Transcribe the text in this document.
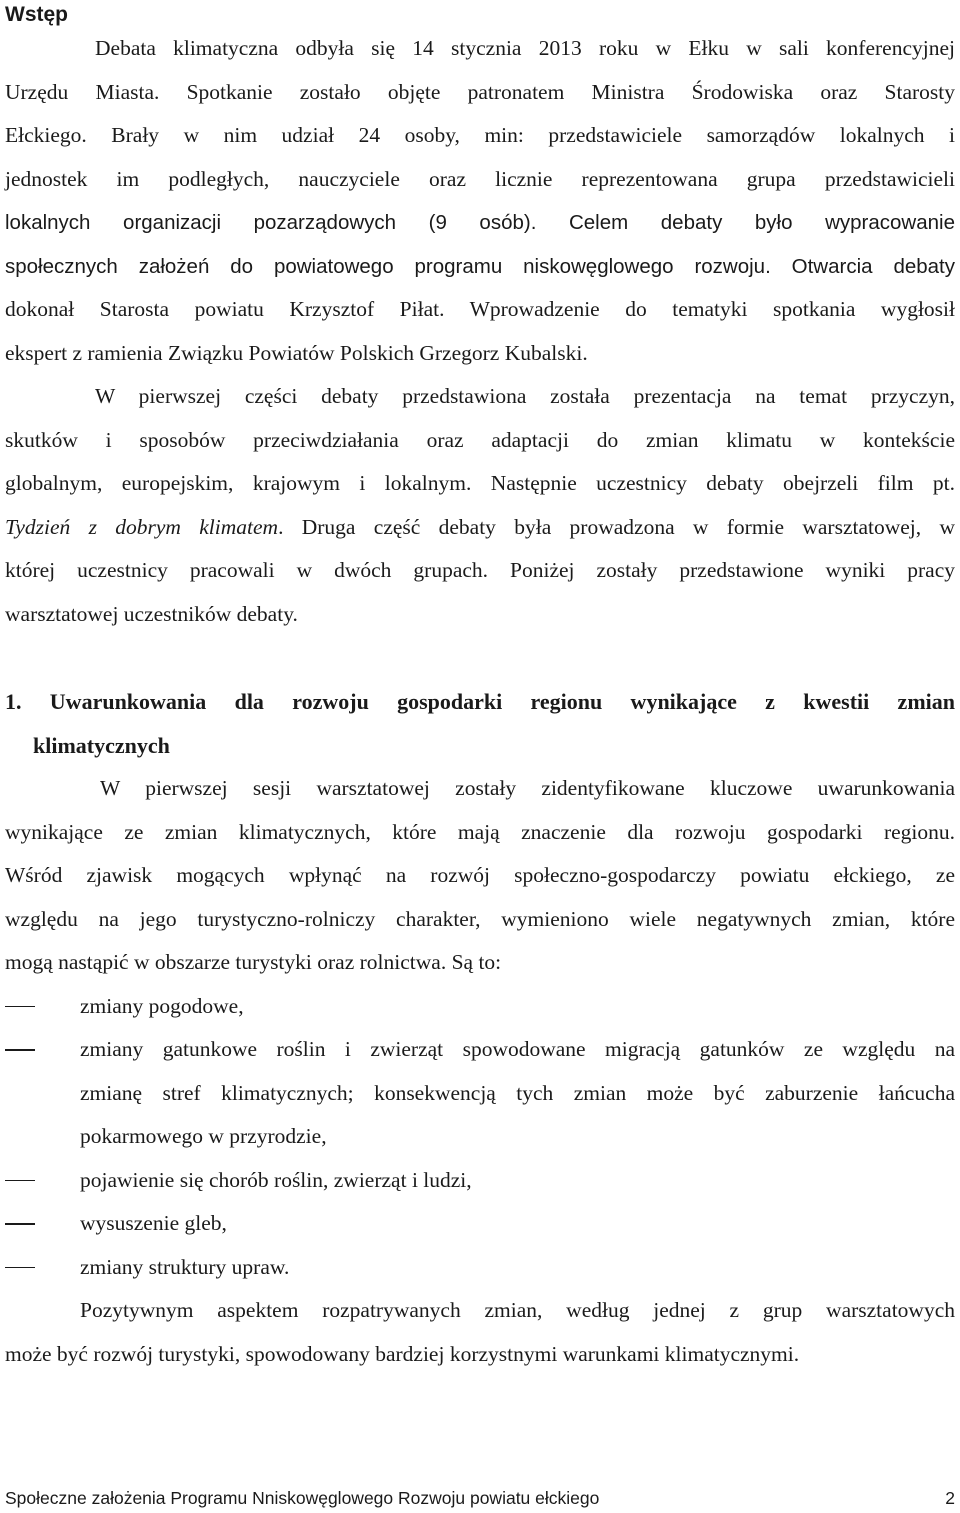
Wstęp
Debata klimatyczna odbyła się 14 stycznia 2013 roku w Ełku w sali konferencyjnej
Urzędu Miasta. Spotkanie zostało objęte patronatem Ministra Środowiska oraz Starosty
Ełckiego. Brały w nim udział 24 osoby, min: przedstawiciele samorządów lokalnych i
jednostek im podległych, nauczyciele oraz licznie reprezentowana grupa przedstawicieli
lokalnych organizacji pozarządowych (9 osób). Celem debaty było wypracowanie
społecznych założeń do powiatowego programu niskowęglowego rozwoju. Otwarcia debaty
dokonał Starosta powiatu Krzysztof Piłat. Wprowadzenie do tematyki spotkania wygłosił
ekspert z ramienia Związku Powiatów Polskich Grzegorz Kubalski.
W pierwszej części debaty przedstawiona została prezentacja na temat przyczyn,
skutków i sposobów przeciwdziałania oraz adaptacji do zmian klimatu w kontekście
globalnym, europejskim, krajowym i lokalnym. Następnie uczestnicy debaty obejrzeli film pt.
Tydzień z dobrym klimatem. Druga część debaty była prowadzona w formie warsztatowej, w
której uczestnicy pracowali w dwóch grupach. Poniżej zostały przedstawione wyniki pracy
warsztatowej uczestników debaty.
1. Uwarunkowania dla rozwoju gospodarki regionu wynikające z kwestii zmian
klimatycznych
W pierwszej sesji warsztatowej zostały zidentyfikowane kluczowe uwarunkowania
wynikające ze zmian klimatycznych, które mają znaczenie dla rozwoju gospodarki regionu.
Wśród zjawisk mogących wpłynąć na rozwój społeczno-gospodarczy powiatu ełckiego, ze
względu na jego turystyczno-rolniczy charakter, wymieniono wiele negatywnych zmian, które
mogą nastąpić w obszarze turystyki oraz rolnictwa. Są to:
zmiany pogodowe,
zmiany gatunkowe roślin i zwierząt spowodowane migracją gatunków ze względu na
zmianę stref klimatycznych; konsekwencją tych zmian może być zaburzenie łańcucha
pokarmowego w przyrodzie,
pojawienie się chorób roślin, zwierząt i ludzi,
wysuszenie gleb,
zmiany struktury upraw.
Pozytywnym aspektem rozpatrywanych zmian, według jednej z grup warsztatowych
może być rozwój turystyki, spowodowany bardziej korzystnymi warunkami klimatycznymi.
Społeczne założenia Programu Nniskowęglowego Rozwoju powiatu ełckiego	2
